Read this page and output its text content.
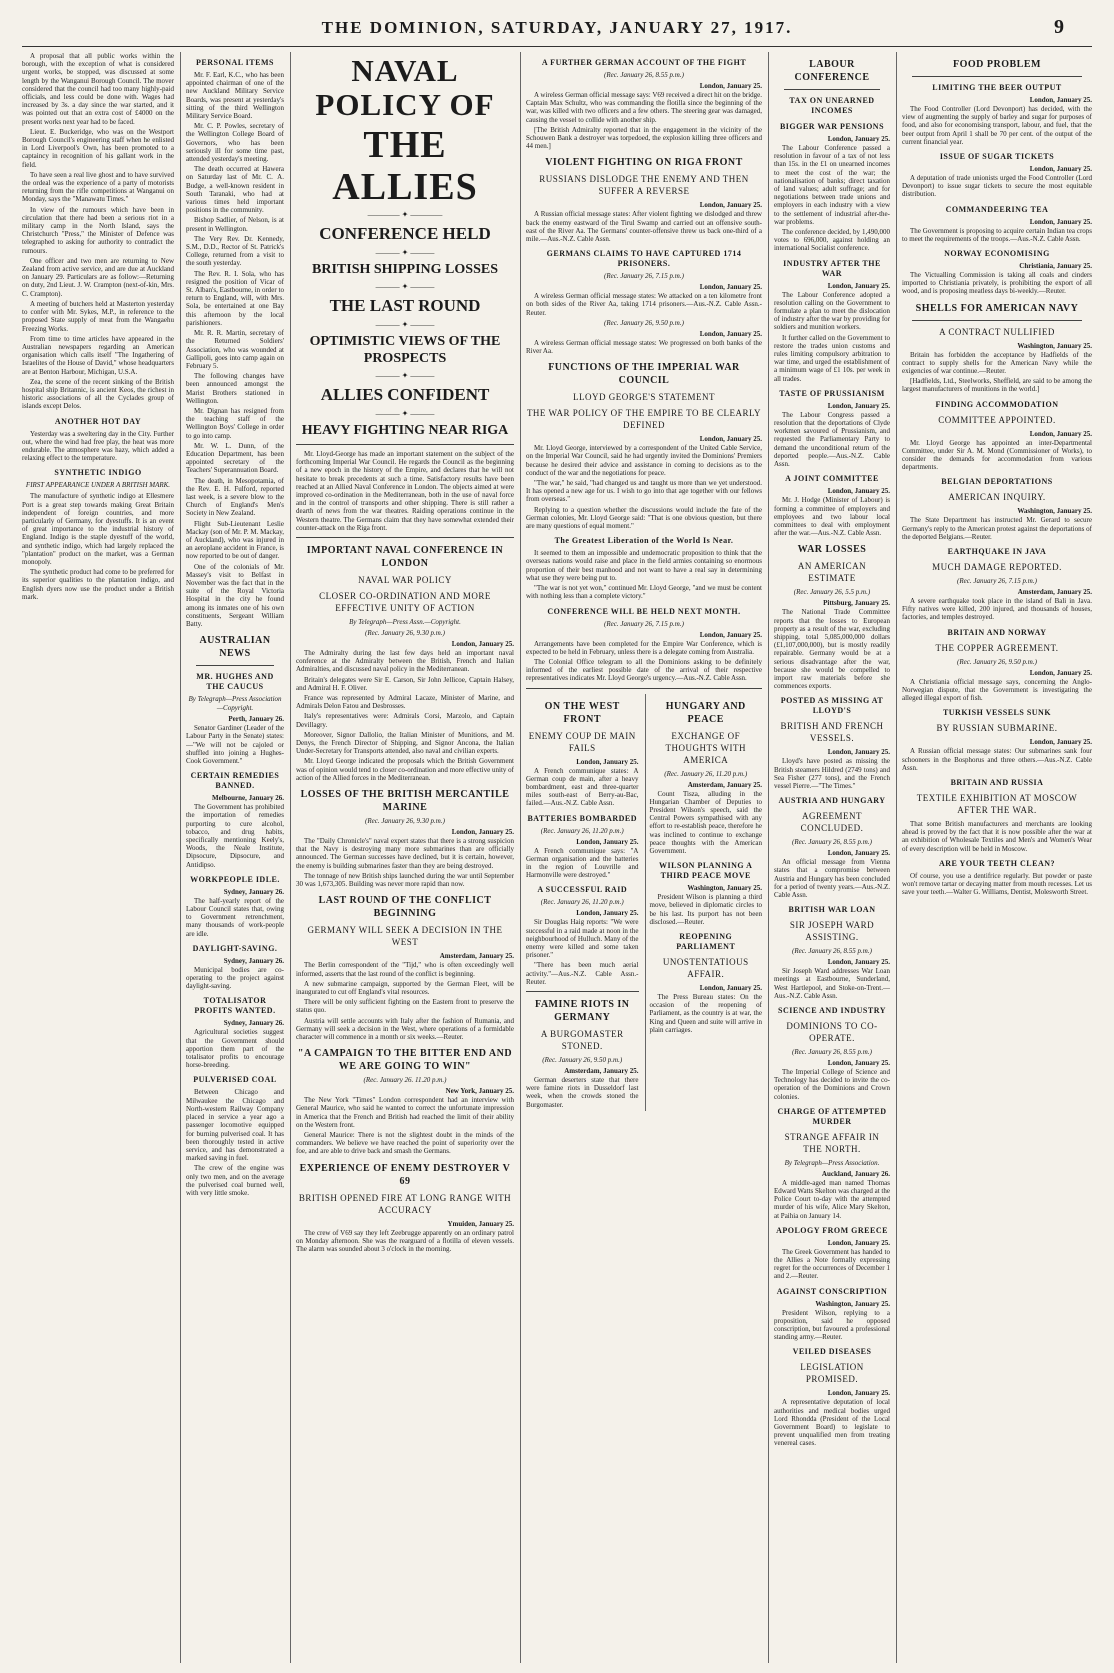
THE DOMINION, SATURDAY, JANUARY 27, 1917.	9

A proposal that all public works within the borough, with the exception of what is considered urgent works, be stopped, was discussed at some length by the Wanganui Borough Council. The mover considered that the council had too many highly-paid officials, and less could be done with. Wages had increased by 3s. a day since the war started, and it was pointed out that an extra cost of £4000 on the present works next year had to be faced.

Lieut. E. Buckeridge, who was on the Westport Borough Council's engineering staff when he enlisted in Lord Liverpool's Own, has been promoted to a captaincy in recognition of his gallant work in the field.

To have seen a real live ghost and to have survived the ordeal was the experience of a party of motorists returning from the rifle competitions at Wanganui on Monday, says the "Manawatu Times."

In view of the rumours which have been in circulation that there had been a serious riot in a military camp in the North Island, says the Christchurch "Press," the Minister of Defence was telegraphed to asking for authority to contradict the rumours.

One officer and two men are returning to New Zealand from active service, and are due at Auckland on January 29. Particulars are as follow:—Returning on duty, 2nd Lieut. J. W. Crampton (next-of-kin, Mrs. C. Crampton).

A meeting of butchers held at Masterton yesterday to confer with Mr. Sykes, M.P., in reference to the proposed State supply of meat from the Wangaehu Freezing Works.

From time to time articles have appeared in the Australian newspapers regarding an American organisation which calls itself "The Ingathering of Israelites of the House of David," whose headquarters are at Benton Harbour, Michigan, U.S.A.

Zea, the scene of the recent sinking of the British hospital ship Britannic, is ancient Keos, the richest in historic associations of all the Cyclades group of islands except Delos.

ANOTHER HOT DAY

Yesterday was a sweltering day in the City. Further out, where the wind had free play, the heat was more endurable. The atmosphere was hazy, which added a relaxing effect to the temperature.

SYNTHETIC INDIGO
FIRST APPEARANCE UNDER A BRITISH MARK.

The manufacture of synthetic indigo at Ellesmere Port is a great step towards making Great Britain independent of foreign countries, and more particularly of Germany, for dyestuffs. It is an event of great importance to the industrial history of England. Indigo is the staple dyestuff of the world, and synthetic indigo, which had largely replaced the "plantation" product on the market, was a German monopoly.

The synthetic product had come to be preferred for its superior qualities to the plantation indigo, and English dyers now use the product under a British mark.

PERSONAL ITEMS

Mr. F. Earl, K.C., who has been appointed chairman of one of the new Auckland Military Service Boards, was present at yesterday's sitting of the third Wellington Military Service Board.

Mr. C. P. Powles, secretary of the Wellington College Board of Governors, who has been seriously ill for some time past, attended yesterday's meeting.

The death occurred at Hawera on Saturday last of Mr. C. A. Budge, a well-known resident in South Taranaki, who had at various times held important positions in the community.

Bishop Sadlier, of Nelson, is at present in Wellington.

The Very Rev. Dr. Kennedy, S.M., D.D., Rector of St. Patrick's College, returned from a visit to the south yesterday.

The Rev. R. I. Sola, who has resigned the position of Vicar of St. Alban's, Eastbourne, in order to return to England, will, with Mrs. Sola, be entertained at one Bay this afternoon by the local parishioners.

Mr. R. R. Martin, secretary of the Returned Soldiers' Association, who was wounded at Gallipoli, goes into camp again on February 5.

The following changes have been announced amongst the Marist Brothers stationed in Wellington.

Mr. Dignan has resigned from the teaching staff of the Wellington Boys' College in order to go into camp.

Mr. W. L. Dunn, of the Education Department, has been appointed secretary of the Teachers' Superannuation Board.

The death, in Mesopotamia, of the Rev. E. H. Fulford, reported last week, is a severe blow to the Church of England's Men's Society in New Zealand.

Flight Sub-Lieutenant Leslie Mackay (son of Mr. P. M. Mackay, of Auckland), who was injured in an aeroplane accident in France, is now reported to be out of danger.

One of the colonials of Mr. Massey's visit to Belfast in November was the fact that in the suite of the Royal Victoria Hospital in the city he found among its inmates one of his own constituents, Sergeant William Batty.

AUSTRALIAN NEWS
MR. HUGHES AND THE CAUCUS
By Telegraph—Press Association—Copyright.
Perth, January 26.

Senator Gardiner (Leader of the Labour Party in the Senate) states:—"We will not be cajoled or shuffled into joining a Hughes-Cook Government."

CERTAIN REMEDIES BANNED.
Melbourne, January 26.

The Government has prohibited the importation of remedies purporting to cure alcohol, tobacco, and drug habits, specifically mentioning Keely's, Woods, the Neale Institute, Dipsocure, Dipsocure, and Antidipso.

WORKPEOPLE IDLE.
Sydney, January 26.

The half-yearly report of the Labour Council states that, owing to Government retrenchment, many thousands of work-people are idle.

DAYLIGHT-SAVING.
Sydney, January 26.

Municipal bodies are co-operating to the project against daylight-saving.

TOTALISATOR PROFITS WANTED.
Sydney, January 26.

Agricultural societies suggest that the Government should apportion them part of the totalisator profits to encourage horse-breeding.

PULVERISED COAL

Between Chicago and Milwaukee the Chicago and North-western Railway Company placed in service a year ago a passenger locomotive equipped for burning pulverised coal. It has been thoroughly tested in active service, and has demonstrated a marked saving in fuel.

The crew of the engine was only two men, and on the average the pulverised coal burned well, with very little smoke.

NAVAL POLICY OF
THE ALLIES
———— ✦ ————
CONFERENCE HELD
——— ✦ ———
BRITISH SHIPPING LOSSES
——— ✦ ———
THE LAST ROUND
——— ✦ ———
OPTIMISTIC VIEWS OF THE PROSPECTS
——— ✦ ———
ALLIES CONFIDENT
——— ✦ ———
HEAVY FIGHTING NEAR RIGA

Mr. Lloyd-George has made an important statement on the subject of the forthcoming Imperial War Council. He regards the Council as the beginning of a new epoch in the history of the Empire, and declares that he will not hesitate to break precedents at such a time. Satisfactory results have been reached at an Allied Naval Conference in London. The objects aimed at were improved co-ordination in the Mediterranean, both in the use of naval force and in the control of transports and other shipping. There is still rather a dearth of news from the war theatres. Raiding operations continue in the Western theatre. The Germans claim that they have somewhat extended their counter-attack on the Riga front.

IMPORTANT NAVAL CONFERENCE IN LONDON
NAVAL WAR POLICY
CLOSER CO-ORDINATION AND MORE EFFECTIVE UNITY OF ACTION
By Telegraph—Press Assn.—Copyright.
(Rec. January 26, 9.30 p.m.)
London, January 25.

The Admiralty during the last few days held an important naval conference at the Admiralty between the British, French and Italian Admiralties, and discussed naval policy in the Mediterranean.

Britain's delegates were Sir E. Carson, Sir John Jellicoe, Captain Halsey, and Admiral H. F. Oliver.

France was represented by Admiral Lacaze, Minister of Marine, and Admirals Delon Fatou and Desbrosses.

Italy's representatives were: Admirals Corsi, Marzolo, and Captain Devillagry.

Moreover, Signor Dallolio, the Italian Minister of Munitions, and M. Denys, the French Director of Shipping, and Signor Ancona, the Italian Under-Secretary for Transports attended, also naval and civilian experts.

Mr. Lloyd George indicated the proposals which the British Government was of opinion would tend to closer co-ordination and more effective unity of action of the Allied forces in the Mediterranean.

LOSSES OF THE BRITISH MERCANTILE MARINE
(Rec. January 26, 9.30 p.m.)
London, January 25.

The "Daily Chronicle's" naval expert states that there is a strong suspicion that the Navy is destroying many more submarines than are officially announced. The German successes have declined, but it is certain, however, the enemy is building submarines faster than they are being destroyed.

The tonnage of new British ships launched during the war until September 30 was 1,673,305. Building was never more rapid than now.

LAST ROUND OF THE CONFLICT BEGINNING
GERMANY WILL SEEK A DECISION IN THE WEST
Amsterdam, January 25.

The Berlin correspondent of the "Tijd," who is often exceedingly well informed, asserts that the last round of the conflict is beginning.

A new submarine campaign, supported by the German Fleet, will be inaugurated to cut off England's vital resources.

There will be only sufficient fighting on the Eastern front to preserve the status quo.

Austria will settle accounts with Italy after the fashion of Rumania, and Germany will seek a decision in the West, where operations of a formidable character will commence in a month or six weeks.—Reuter.

"A CAMPAIGN TO THE BITTER END AND WE ARE GOING TO WIN"
(Rec. January 26. 11.20 p.m.)
New York, January 25.

The New York "Times" London correspondent had an interview with General Maurice, who said he wanted to correct the unfortunate impression in America that the French and British had reached the limit of their ability on the Western front.

General Maurice: There is not the slightest doubt in the minds of the commanders. We believe we have reached the point of superiority over the foe, and are able to drive back and smash the Germans.

EXPERIENCE OF ENEMY DESTROYER V 69
BRITISH OPENED FIRE AT LONG RANGE WITH ACCURACY
Ymuiden, January 25.

The crew of V69 say they left Zeebrugge apparently on an ordinary patrol on Monday afternoon. She was the rearguard of a flotilla of eleven vessels. The alarm was sounded about 3 o'clock in the morning.

A FURTHER GERMAN ACCOUNT OF THE FIGHT
(Rec. January 26, 8.55 p.m.)
London, January 25.

A wireless German official message says: V69 received a direct hit on the bridge. Captain Max Schultz, who was commanding the flotilla since the beginning of the war, was killed with two officers and a few others. The steering gear was damaged, causing the vessel to collide with another ship.

[The British Admiralty reported that in the engagement in the vicinity of the Schouwen Bank a destroyer was torpedoed, the explosion killing three officers and 44 men.]

VIOLENT FIGHTING ON RIGA FRONT
RUSSIANS DISLODGE THE ENEMY AND THEN SUFFER A REVERSE
London, January 25.

A Russian official message states: After violent fighting we dislodged and threw back the enemy eastward of the Tirul Swamp and carried out an offensive south-east of the River Aa. The Germans' counter-offensive threw us back one-third of a mile.—Aus.-N.Z. Cable Assn.

GERMANS CLAIMS TO HAVE CAPTURED 1714 PRISONERS.
(Rec. January 26, 7.15 p.m.)
London, January 25.

A wireless German official message states: We attacked on a ten kilometre front on both sides of the River Aa, taking 1714 prisoners.—Aus.-N.Z. Cable Assn.-Reuter.

(Rec. January 26, 9.50 p.m.)
London, January 25.

A wireless German official message states: We progressed on both banks of the River Aa.

FUNCTIONS OF THE IMPERIAL WAR COUNCIL
LLOYD GEORGE'S STATEMENT
THE WAR POLICY OF THE EMPIRE TO BE CLEARLY DEFINED
London, January 25.

Mr. Lloyd George, interviewed by a correspondent of the United Cable Service, on the Imperial War Council, said he had urgently invited the Dominions' Premiers because he desired their advice and assistance in coming to decisions as to the conduct of the war and the negotiations for peace.

"The war," he said, "had changed us and taught us more than we yet understood. It has opened a new age for us. I wish to go into that age together with our fellows from overseas."

Replying to a question whether the discussions would include the fate of the German colonies, Mr. Lloyd George said: "That is one obvious question, but there are many questions of equal moment."

The Greatest Liberation of the World Is Near.

It seemed to them an impossible and undemocratic proposition to think that the overseas nations would raise and place in the field armies containing so enormous proportion of their best manhood and not want to have a real say in determining what use they were being put to.

"The war is not yet won," continued Mr. Lloyd George, "and we must be content with nothing less than a complete victory."

CONFERENCE WILL BE HELD NEXT MONTH.
(Rec. January 26, 7.15 p.m.)
London, January 25.

Arrangements have been completed for the Empire War Conference, which is expected to be held in February, unless there is a delegate coming from Australia.

The Colonial Office telegram to all the Dominions asking to be definitely informed of the earliest possible date of the arrival of their respective representatives indicates Mr. Lloyd George's urgency.—Aus.-N.Z. Cable Assn.

ON THE WEST FRONT
ENEMY COUP DE MAIN FAILS
London, January 25.

A French communique states: A German coup de main, after a heavy bombardment, east and three-quarter miles south-east of Berry-au-Bac, failed.—Aus.-N.Z. Cable Assn.

BATTERIES BOMBARDED
(Rec. January 26, 11.20 p.m.)
London, January 25.

A French communique says: "A German organisation and the batteries in the region of Louvrille and Harmonville were destroyed."

A SUCCESSFUL RAID
(Rec. January 26, 11.20 p.m.)
London, January 25.

Sir Douglas Haig reports: "We were successful in a raid made at noon in the neighbourhood of Hulluch. Many of the enemy were killed and some taken prisoner."

"There has been much aerial activity."—Aus.-N.Z. Cable Assn.-Reuter.

FAMINE RIOTS IN GERMANY
A BURGOMASTER STONED.
(Rec. January 26, 9.50 p.m.)
Amsterdam, January 25.

German deserters state that there were famine riots in Dusseldorf last week, when the crowds stoned the Burgomaster.

HUNGARY AND PEACE
EXCHANGE OF THOUGHTS WITH AMERICA
(Rec. January 26, 11.20 p.m.)
Amsterdam, January 25.

Count Tisza, alluding in the Hungarian Chamber of Deputies to President Wilson's speech, said the Central Powers sympathised with any effort to re-establish peace, therefore he was inclined to continue to exchange peace thoughts with the American Government.

WILSON PLANNING A THIRD PEACE MOVE
Washington, January 25.

President Wilson is planning a third move, believed in diplomatic circles to be his last. Its purport has not been disclosed.—Reuter.

REOPENING PARLIAMENT
UNOSTENTATIOUS AFFAIR.
London, January 25.

The Press Bureau states: On the occasion of the reopening of Parliament, as the country is at war, the King and Queen and suite will arrive in plain carriages.

LABOUR CONFERENCE
TAX ON UNEARNED INCOMES
BIGGER WAR PENSIONS
London, January 25.

The Labour Conference passed a resolution in favour of a tax of not less than 15s. in the £1 on unearned incomes to meet the cost of the war; the nationalisation of banks; direct taxation of land values; adult suffrage; and for negotiations between trade unions and employers in each industry with a view to the settlement of industrial after-the-war problems.

The conference decided, by 1,490,000 votes to 696,000, against holding an international Socialist conference.

INDUSTRY AFTER THE WAR
London, January 25.

The Labour Conference adopted a resolution calling on the Government to formulate a plan to meet the dislocation of industry after the war by providing for soldiers and munition workers.

It further called on the Government to restore the trades union customs and rules limiting compulsory arbitration to war time, and urged the establishment of a minimum wage of £1 10s. per week in all trades.

TASTE OF PRUSSIANISM
London, January 25.

The Labour Congress passed a resolution that the deportations of Clyde workmen savoured of Prussianism, and requested the Parliamentary Party to demand the unconditional return of the deported people.—Aus.-N.Z. Cable Assn.

A JOINT COMMITTEE
London, January 25.

Mr. J. Hodge (Minister of Labour) is forming a committee of employers and employees and two labour local committees to deal with employment after the war.—Aus.-N.Z. Cable Assn.

WAR LOSSES
AN AMERICAN ESTIMATE
(Rec. January 26, 5.5 p.m.)
Pittsburg, January 25.

The National Trade Committee reports that the losses to European property as a result of the war, excluding shipping, total 5,085,000,000 dollars (£1,107,000,000), but is mostly readily repairable. Germany would be at a serious disadvantage after the war, because she would be compelled to import raw materials before she commences exports.

POSTED AS MISSING AT LLOYD'S
BRITISH AND FRENCH VESSELS.
London, January 25.

Lloyd's have posted as missing the British steamers Hildred (2749 tons) and Sea Fisher (277 tons), and the French vessel Pierre.—"The Times."

AUSTRIA AND HUNGARY
AGREEMENT CONCLUDED.
(Rec. January 26, 8.55 p.m.)
London, January 25.

An official message from Vienna states that a compromise between Austria and Hungary has been concluded for a period of twenty years.—Aus.-N.Z. Cable Assn.

BRITISH WAR LOAN
SIR JOSEPH WARD ASSISTING.
(Rec. January 26, 8.55 p.m.)
London, January 25.

Sir Joseph Ward addresses War Loan meetings at Eastbourne, Sunderland, West Hartlepool, and Stoke-on-Trent.—Aus.-N.Z. Cable Assn.

SCIENCE AND INDUSTRY
DOMINIONS TO CO-OPERATE.
(Rec. January 26, 8.55 p.m.)
London, January 25.

The Imperial College of Science and Technology has decided to invite the co-operation of the Dominions and Crown colonies.

CHARGE OF ATTEMPTED MURDER
STRANGE AFFAIR IN THE NORTH.
By Telegraph—Press Association.
Auckland, January 26.

A middle-aged man named Thomas Edward Watts Skelton was charged at the Police Court to-day with the attempted murder of his wife, Alice Mary Skelton, at Paihia on January 14.

APOLOGY FROM GREECE
London, January 25.

The Greek Government has handed to the Allies a Note formally expressing regret for the occurrences of December 1 and 2.—Reuter.

AGAINST CONSCRIPTION
Washington, January 25.

President Wilson, replying to a proposition, said he opposed conscription, but favoured a professional standing army.—Reuter.

VEILED DISEASES
LEGISLATION PROMISED.
London, January 25.

A representative deputation of local authorities and medical bodies urged Lord Rhondda (President of the Local Government Board) to legislate to prevent unqualified men from treating venereal cases.

FOOD PROBLEM
LIMITING THE BEER OUTPUT
London, January 25.

The Food Controller (Lord Devonport) has decided, with the view of augmenting the supply of barley and sugar for purposes of food, and also for economising transport, labour, and fuel, that the beer output from April 1 shall be 70 per cent. of the output of the current financial year.

ISSUE OF SUGAR TICKETS
London, January 25.

A deputation of trade unionists urged the Food Controller (Lord Devonport) to issue sugar tickets to secure the most equitable distribution.

COMMANDEERING TEA
London, January 25.

The Government is proposing to acquire certain Indian tea crops to meet the requirements of the troops.—Aus.-N.Z. Cable Assn.

NORWAY ECONOMISING
Christiania, January 25.

The Victualling Commission is taking all coals and cinders imported to Christiania privately, is prohibiting the export of all wood, and is proposing meatless days bi-weekly.—Reuter.

SHELLS FOR AMERICAN NAVY
A CONTRACT NULLIFIED
Washington, January 25.

Britain has forbidden the acceptance by Hadfields of the contract to supply shells for the American Navy while the exigencies of war continue.—Reuter.

[Hadfields, Ltd., Steelworks, Sheffield, are said to be among the largest manufacturers of munitions in the world.]

FINDING ACCOMMODATION
COMMITTEE APPOINTED.
London, January 25.

Mr. Lloyd George has appointed an inter-Departmental Committee, under Sir A. M. Mond (Commissioner of Works), to consider the demands for accommodation from various departments.

BELGIAN DEPORTATIONS
AMERICAN INQUIRY.
Washington, January 25.

The State Department has instructed Mr. Gerard to secure Germany's reply to the American protest against the deportations of the deported Belgians.—Reuter.

EARTHQUAKE IN JAVA
MUCH DAMAGE REPORTED.
(Rec. January 26, 7.15 p.m.)
Amsterdam, January 25.

A severe earthquake took place in the island of Bali in Java. Fifty natives were killed, 200 injured, and thousands of houses, factories, and temples destroyed.

BRITAIN AND NORWAY
THE COPPER AGREEMENT.
(Rec. January 26, 9.50 p.m.)
London, January 25.

A Christiania official message says, concerning the Anglo-Norwegian dispute, that the Government is investigating the alleged illegal export of fish.

TURKISH VESSELS SUNK
BY RUSSIAN SUBMARINE.
London, January 25.

A Russian official message states: Our submarines sank four schooners in the Bosphorus and three others.—Aus.-N.Z. Cable Assn.

BRITAIN AND RUSSIA
TEXTILE EXHIBITION AT MOSCOW AFTER THE WAR.

That some British manufacturers and merchants are looking ahead is proved by the fact that it is now possible after the war at an exhibition of Wholesale Textiles and Men's and Women's Wear of every description will be held in Moscow.

ARE YOUR TEETH CLEAN?

Of course, you use a dentifrice regularly. But powder or paste won't remove tartar or decaying matter from mouth recesses. Let us save your teeth.—Walter G. Williams, Dentist, Molesworth Street.
